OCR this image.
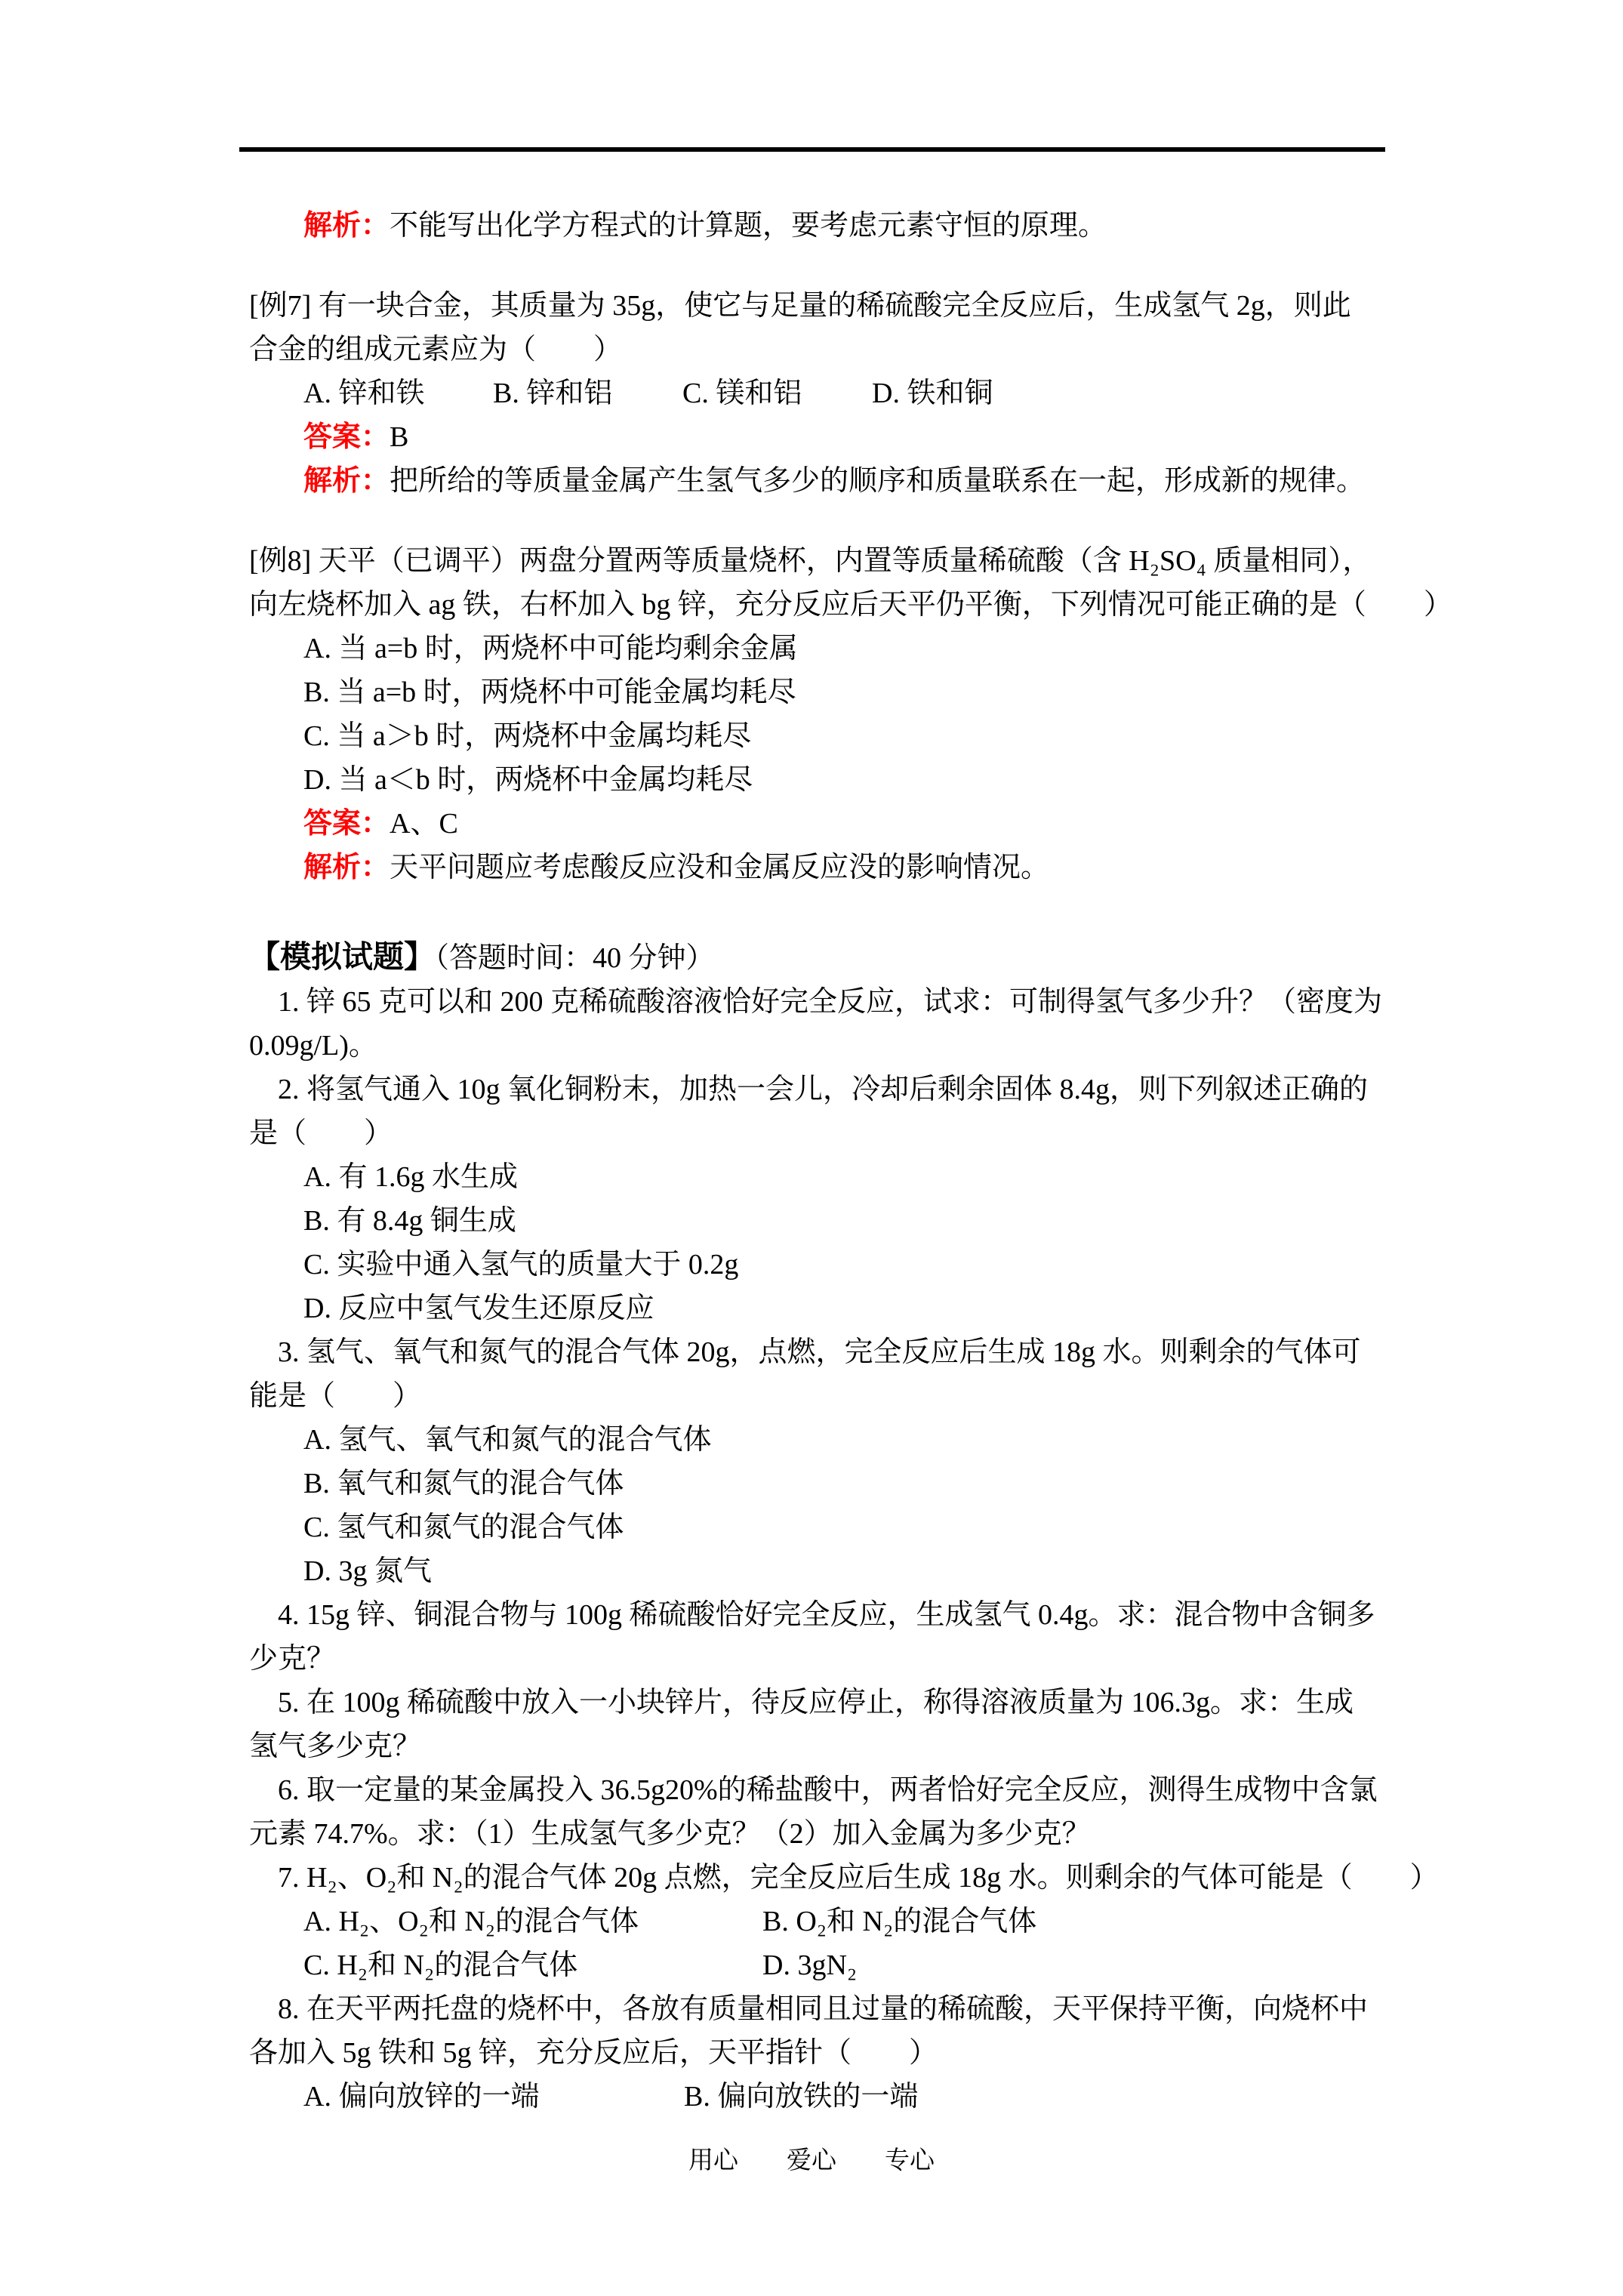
解析：不能写出化学方程式的计算题，要考虑元素守恒的原理。
[例7] 有一块合金，其质量为 35g，使它与足量的稀硫酸完全反应后，生成氢气 2g，则此
合金的组成元素应为（　　）
A. 锌和铁 B. 锌和铝 C. 镁和铝 D. 铁和铜
答案：B
解析：把所给的等质量金属产生氢气多少的顺序和质量联系在一起，形成新的规律。
[例8] 天平（已调平）两盘分置两等质量烧杯，内置等质量稀硫酸（含 H₂SO₄ 质量相同），
向左烧杯加入 ag 铁，右杯加入 bg 锌，充分反应后天平仍平衡，下列情况可能正确的是（　　）
A. 当 a=b 时，两烧杯中可能均剩余金属
B. 当 a=b 时，两烧杯中可能金属均耗尽
C. 当 a＞b 时，两烧杯中金属均耗尽
D. 当 a＜b 时，两烧杯中金属均耗尽
答案：A、C
解析：天平问题应考虑酸反应没和金属反应没的影响情况。
【模拟试题】（答题时间：40 分钟）
1. 锌 65 克可以和 200 克稀硫酸溶液恰好完全反应，试求：可制得氢气多少升？（密度为
0.09g/L)。
2. 将氢气通入 10g 氧化铜粉末，加热一会儿，冷却后剩余固体 8.4g，则下列叙述正确的
是（　　）
A. 有 1.6g 水生成
B. 有 8.4g 铜生成
C. 实验中通入氢气的质量大于 0.2g
D. 反应中氢气发生还原反应
3. 氢气、氧气和氮气的混合气体 20g，点燃，完全反应后生成 18g 水。则剩余的气体可
能是（　　）
A. 氢气、氧气和氮气的混合气体
B. 氧气和氮气的混合气体
C. 氢气和氮气的混合气体
D. 3g 氮气
4. 15g 锌、铜混合物与 100g 稀硫酸恰好完全反应，生成氢气 0.4g。求：混合物中含铜多
少克？
5. 在 100g 稀硫酸中放入一小块锌片，待反应停止，称得溶液质量为 106.3g。求：生成
氢气多少克？
6. 取一定量的某金属投入 36.5g20%的稀盐酸中，两者恰好完全反应，测得生成物中含氯
元素 74.7%。求：（1）生成氢气多少克？（2）加入金属为多少克？
7. H₂、O₂和 N₂的混合气体 20g 点燃，完全反应后生成 18g 水。则剩余的气体可能是（　　）
A. H₂、O₂和 N₂的混合气体	B. O₂和 N₂的混合气体
C. H₂和 N₂的混合气体	D. 3gN₂
8. 在天平两托盘的烧杯中，各放有质量相同且过量的稀硫酸，天平保持平衡，向烧杯中
各加入 5g 铁和 5g 锌，充分反应后，天平指针（　　）
A. 偏向放锌的一端	B. 偏向放铁的一端
用心 爱心 专心
